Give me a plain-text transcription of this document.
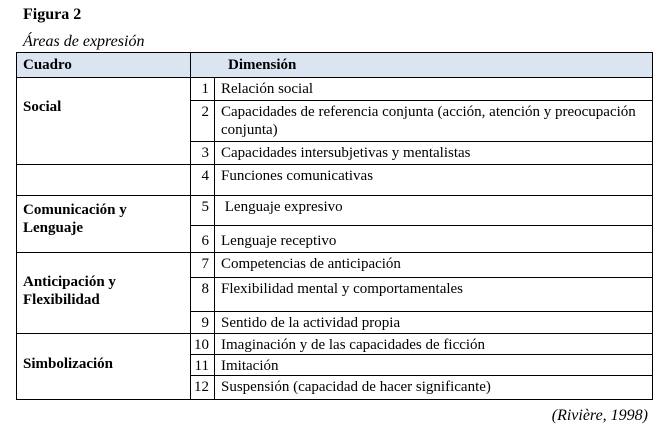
Figura 2
Áreas de expresión
Cuadro	Dimensión	

Social	1	Relación social
	2	Capacidades de referencia conjunta (acción, atención y preocupación conjunta)
	3	Capacidades intersubjetivas y mentalistas
	4	Funciones comunicativas

Comunicación y
Lenguaje	5	Lenguaje expresivo
	6	Lenguaje receptivo

Anticipación y
Flexibilidad	7	Competencias de anticipación
	8	Flexibilidad mental y comportamentales
	9	Sentido de la actividad propia

Simbolización	10	Imaginación y de las capacidades de ficción
	11	Imitación
	12	Suspensión (capacidad de hacer significante)
(Rivière, 1998)
